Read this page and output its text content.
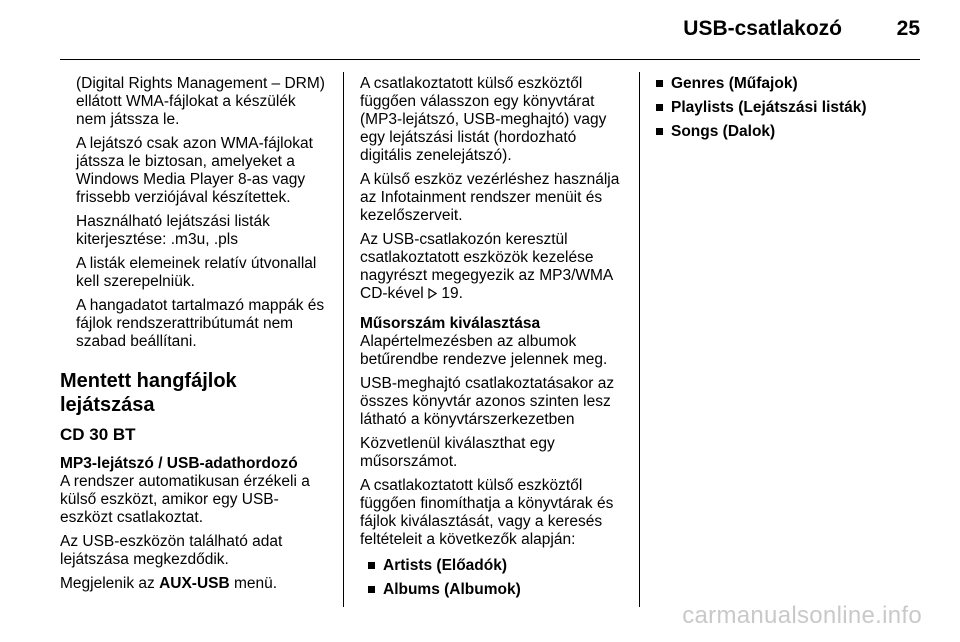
USB-csatlakozó	25

(Digital Rights Management – DRM) ellátott WMA-fájlokat a készülék nem játssza le.

A lejátszó csak azon WMA-fájlokat játssza le biztosan, amelyeket a Windows Media Player 8-as vagy frissebb verziójával készítettek.

Használható lejátszási listák kiterjesztése: .m3u, .pls

A listák elemeinek relatív útvonallal kell szerepelniük.

A hangadatot tartalmazó mappák és fájlok rendszerattribútumát nem szabad beállítani.

Mentett hangfájlok lejátszása
CD 30 BT

MP3-lejátszó / USB-adathordozó

A rendszer automatikusan érzékeli a külső eszközt, amikor egy USB-eszközt csatlakoztat.

Az USB-eszközön található adat lejátszása megkezdődik.

Megjelenik az AUX-USB menü.

A csatlakoztatott külső eszköztől függően válasszon egy könyvtárat (MP3-lejátszó, USB-meghajtó) vagy egy lejátszási listát (hordozható digitális zenelejátszó).

A külső eszköz vezérléshez használja az Infotainment rendszer menüit és kezelőszerveit.

Az USB-csatlakozón keresztül csatlakoztatott eszközök kezelése nagyrészt megegyezik az MP3/WMA CD-kével  19.

Műsorszám kiválasztása

Alapértelmezésben az albumok betűrendbe rendezve jelennek meg.

USB-meghajtó csatlakoztatásakor az összes könyvtár azonos szinten lesz látható a könyvtárszerkezetben

Közvetlenül kiválaszthat egy műsorszámot.

A csatlakoztatott külső eszköztől függően finomíthatja a könyvtárak és fájlok kiválasztását, vagy a keresés feltételeit a következők alapján:

Artists (Előadók)
Albums (Albumok)
Genres (Műfajok)
Playlists (Lejátszási listák)
Songs (Dalok)
carmanualsonline.info
